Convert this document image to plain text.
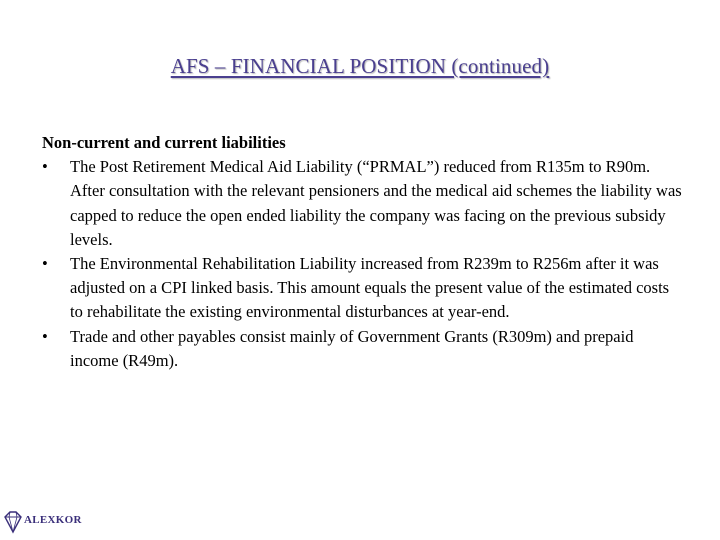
AFS – FINANCIAL POSITION (continued)
Non-current and current liabilities
•	The Post Retirement Medical Aid Liability (“PRMAL”) reduced from R135m to R90m. After consultation with the relevant pensioners and the medical aid schemes the liability was capped to reduce the open ended liability the company was facing on the previous subsidy levels.
•	The Environmental Rehabilitation Liability increased from R239m to R256m after it was adjusted on a CPI linked basis. This amount equals the present value of the estimated costs to rehabilitate the existing environmental disturbances at year-end.
•	Trade and other payables consist mainly of Government Grants (R309m) and prepaid income (R49m).
ALEXKOR
